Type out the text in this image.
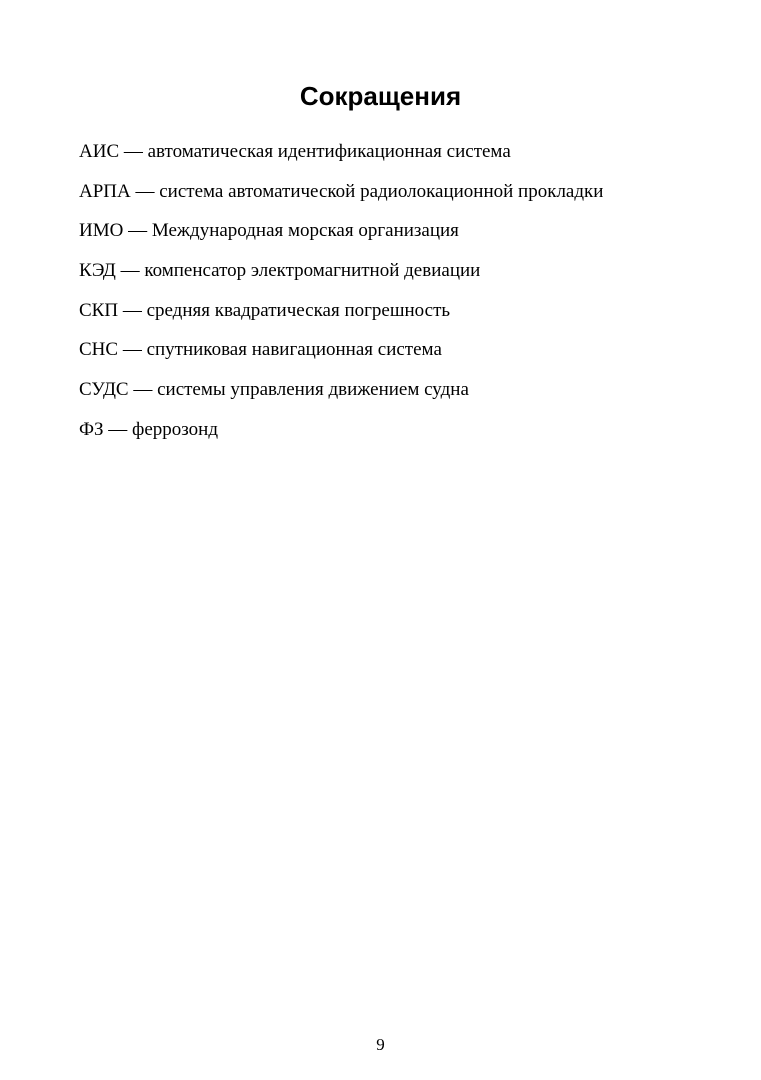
Сокращения
АИС — автоматическая идентификационная система
АРПА — система автоматической радиолокационной прокладки
ИМО — Международная морская организация
КЭД — компенсатор электромагнитной девиации
СКП — средняя квадратическая погрешность
СНС — спутниковая навигационная система
СУДС — системы управления движением судна
ФЗ — феррозонд
9
